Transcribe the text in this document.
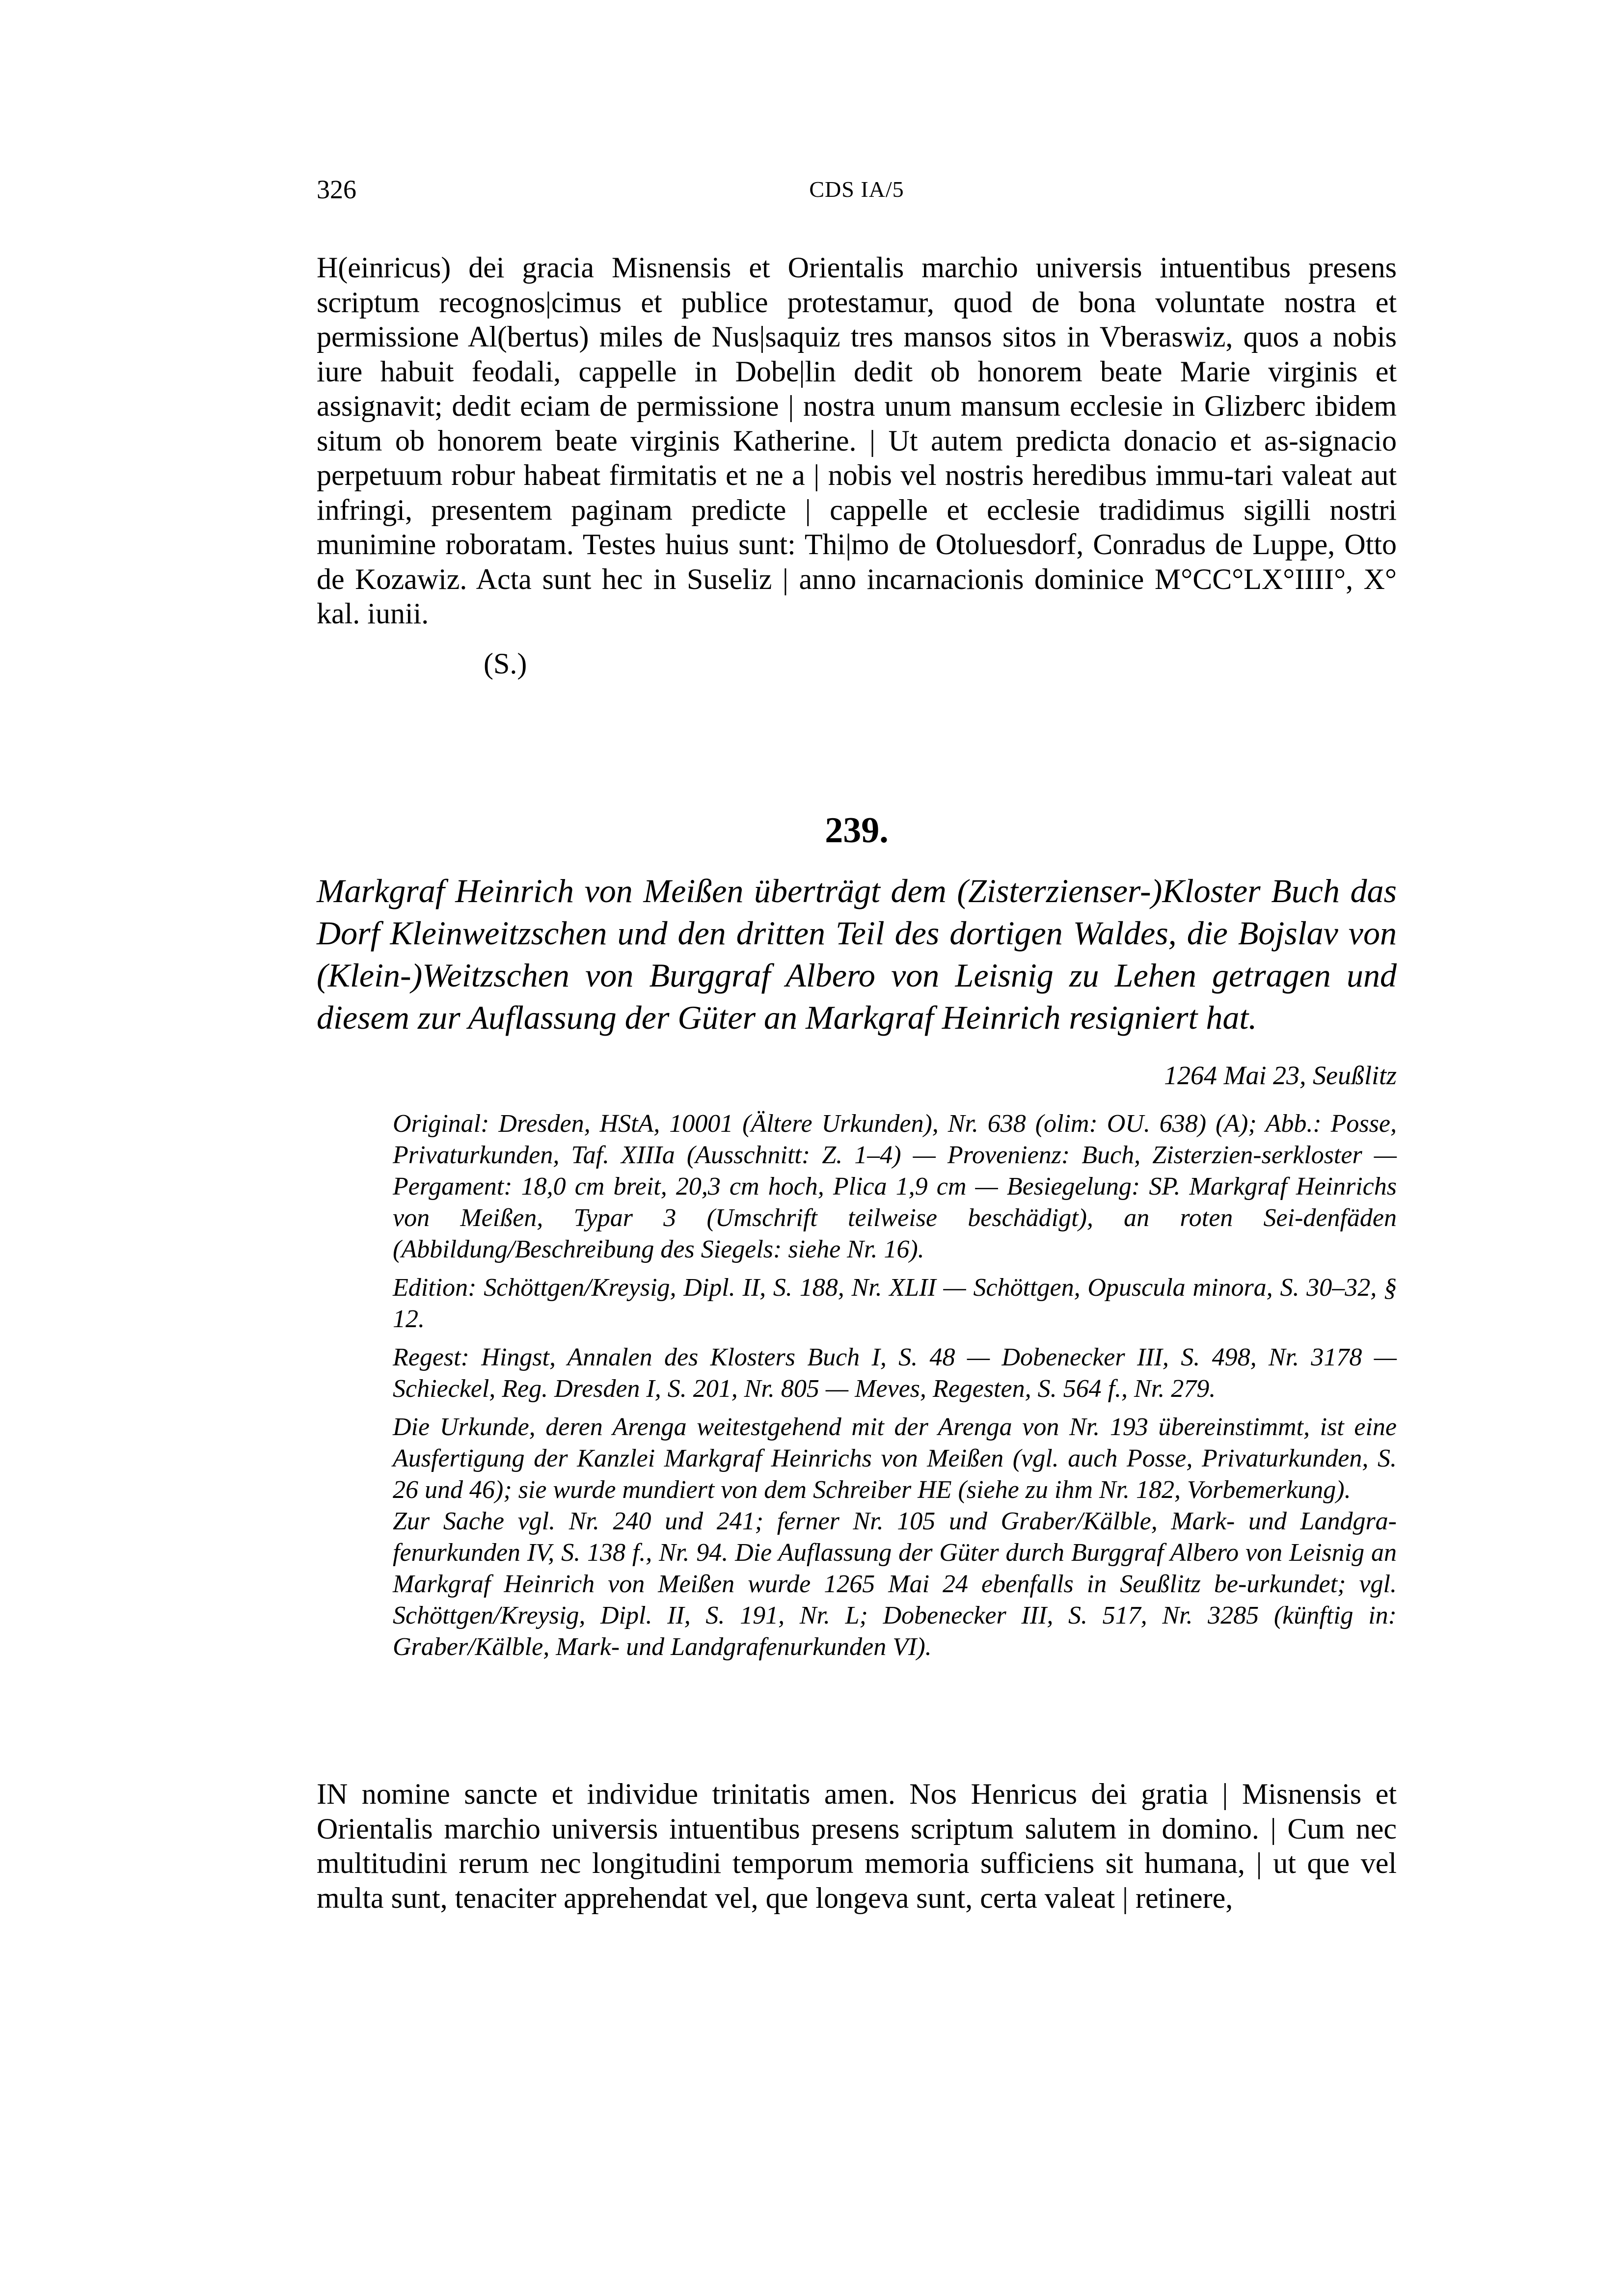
326	CDS IA/5

H(einricus) dei gracia Misnensis et Orientalis marchio universis intuentibus presens scriptum recognos|cimus et publice protestamur, quod de bona voluntate nostra et permissione Al(bertus) miles de Nus|saquiz tres mansos sitos in Vberaswiz, quos a nobis iure habuit feodali, cappelle in Dobe|lin dedit ob honorem beate Marie virginis et assignavit; dedit eciam de permissione | nostra unum mansum ecclesie in Glizberc ibidem situm ob honorem beate virginis Katherine. | Ut autem predicta donacio et as-signacio perpetuum robur habeat firmitatis et ne a | nobis vel nostris heredibus immu-tari valeat aut infringi, presentem paginam predicte | cappelle et ecclesie tradidimus sigilli nostri munimine roboratam. Testes huius sunt: Thi|mo de Otoluesdorf, Conradus de Luppe, Otto de Kozawiz. Acta sunt hec in Suseliz | anno incarnacionis dominice M°CC°LX°IIII°, X° kal. iunii.

(S.)
239.

Markgraf Heinrich von Meißen überträgt dem (Zisterzienser-)Kloster Buch das Dorf Kleinweitzschen und den dritten Teil des dortigen Waldes, die Bojslav von (Klein-)Weitzschen von Burggraf Albero von Leisnig zu Lehen getragen und diesem zur Auflassung der Güter an Markgraf Heinrich resigniert hat.

1264 Mai 23, Seußlitz

Original: Dresden, HStA, 10001 (Ältere Urkunden), Nr. 638 (olim: OU. 638) (A); Abb.: Posse, Privaturkunden, Taf. XIIIa (Ausschnitt: Z. 1–4) — Provenienz: Buch, Zisterzien-serkloster — Pergament: 18,0 cm breit, 20,3 cm hoch, Plica 1,9 cm — Besiegelung: SP. Markgraf Heinrichs von Meißen, Typar 3 (Umschrift teilweise beschädigt), an roten Sei-denfäden (Abbildung/Beschreibung des Siegels: siehe Nr. 16).

Edition: Schöttgen/Kreysig, Dipl. II, S. 188, Nr. XLII — Schöttgen, Opuscula minora, S. 30–32, § 12.

Regest: Hingst, Annalen des Klosters Buch I, S. 48 — Dobenecker III, S. 498, Nr. 3178 — Schieckel, Reg. Dresden I, S. 201, Nr. 805 — Meves, Regesten, S. 564 f., Nr. 279.

Die Urkunde, deren Arenga weitestgehend mit der Arenga von Nr. 193 übereinstimmt, ist eine Ausfertigung der Kanzlei Markgraf Heinrichs von Meißen (vgl. auch Posse, Privaturkunden, S. 26 und 46); sie wurde mundiert von dem Schreiber HE (siehe zu ihm Nr. 182, Vorbemerkung).

Zur Sache vgl. Nr. 240 und 241; ferner Nr. 105 und Graber/Kälble, Mark- und Landgra-fenurkunden IV, S. 138 f., Nr. 94. Die Auflassung der Güter durch Burggraf Albero von Leisnig an Markgraf Heinrich von Meißen wurde 1265 Mai 24 ebenfalls in Seußlitz be-urkundet; vgl. Schöttgen/Kreysig, Dipl. II, S. 191, Nr. L; Dobenecker III, S. 517, Nr. 3285 (künftig in: Graber/Kälble, Mark- und Landgrafenurkunden VI).

IN nomine sancte et individue trinitatis amen. Nos Henricus dei gratia | Misnensis et Orientalis marchio universis intuentibus presens scriptum salutem in domino. | Cum nec multitudini rerum nec longitudini temporum memoria sufficiens sit humana, | ut que vel multa sunt, tenaciter apprehendat vel, que longeva sunt, certa valeat | retinere,
